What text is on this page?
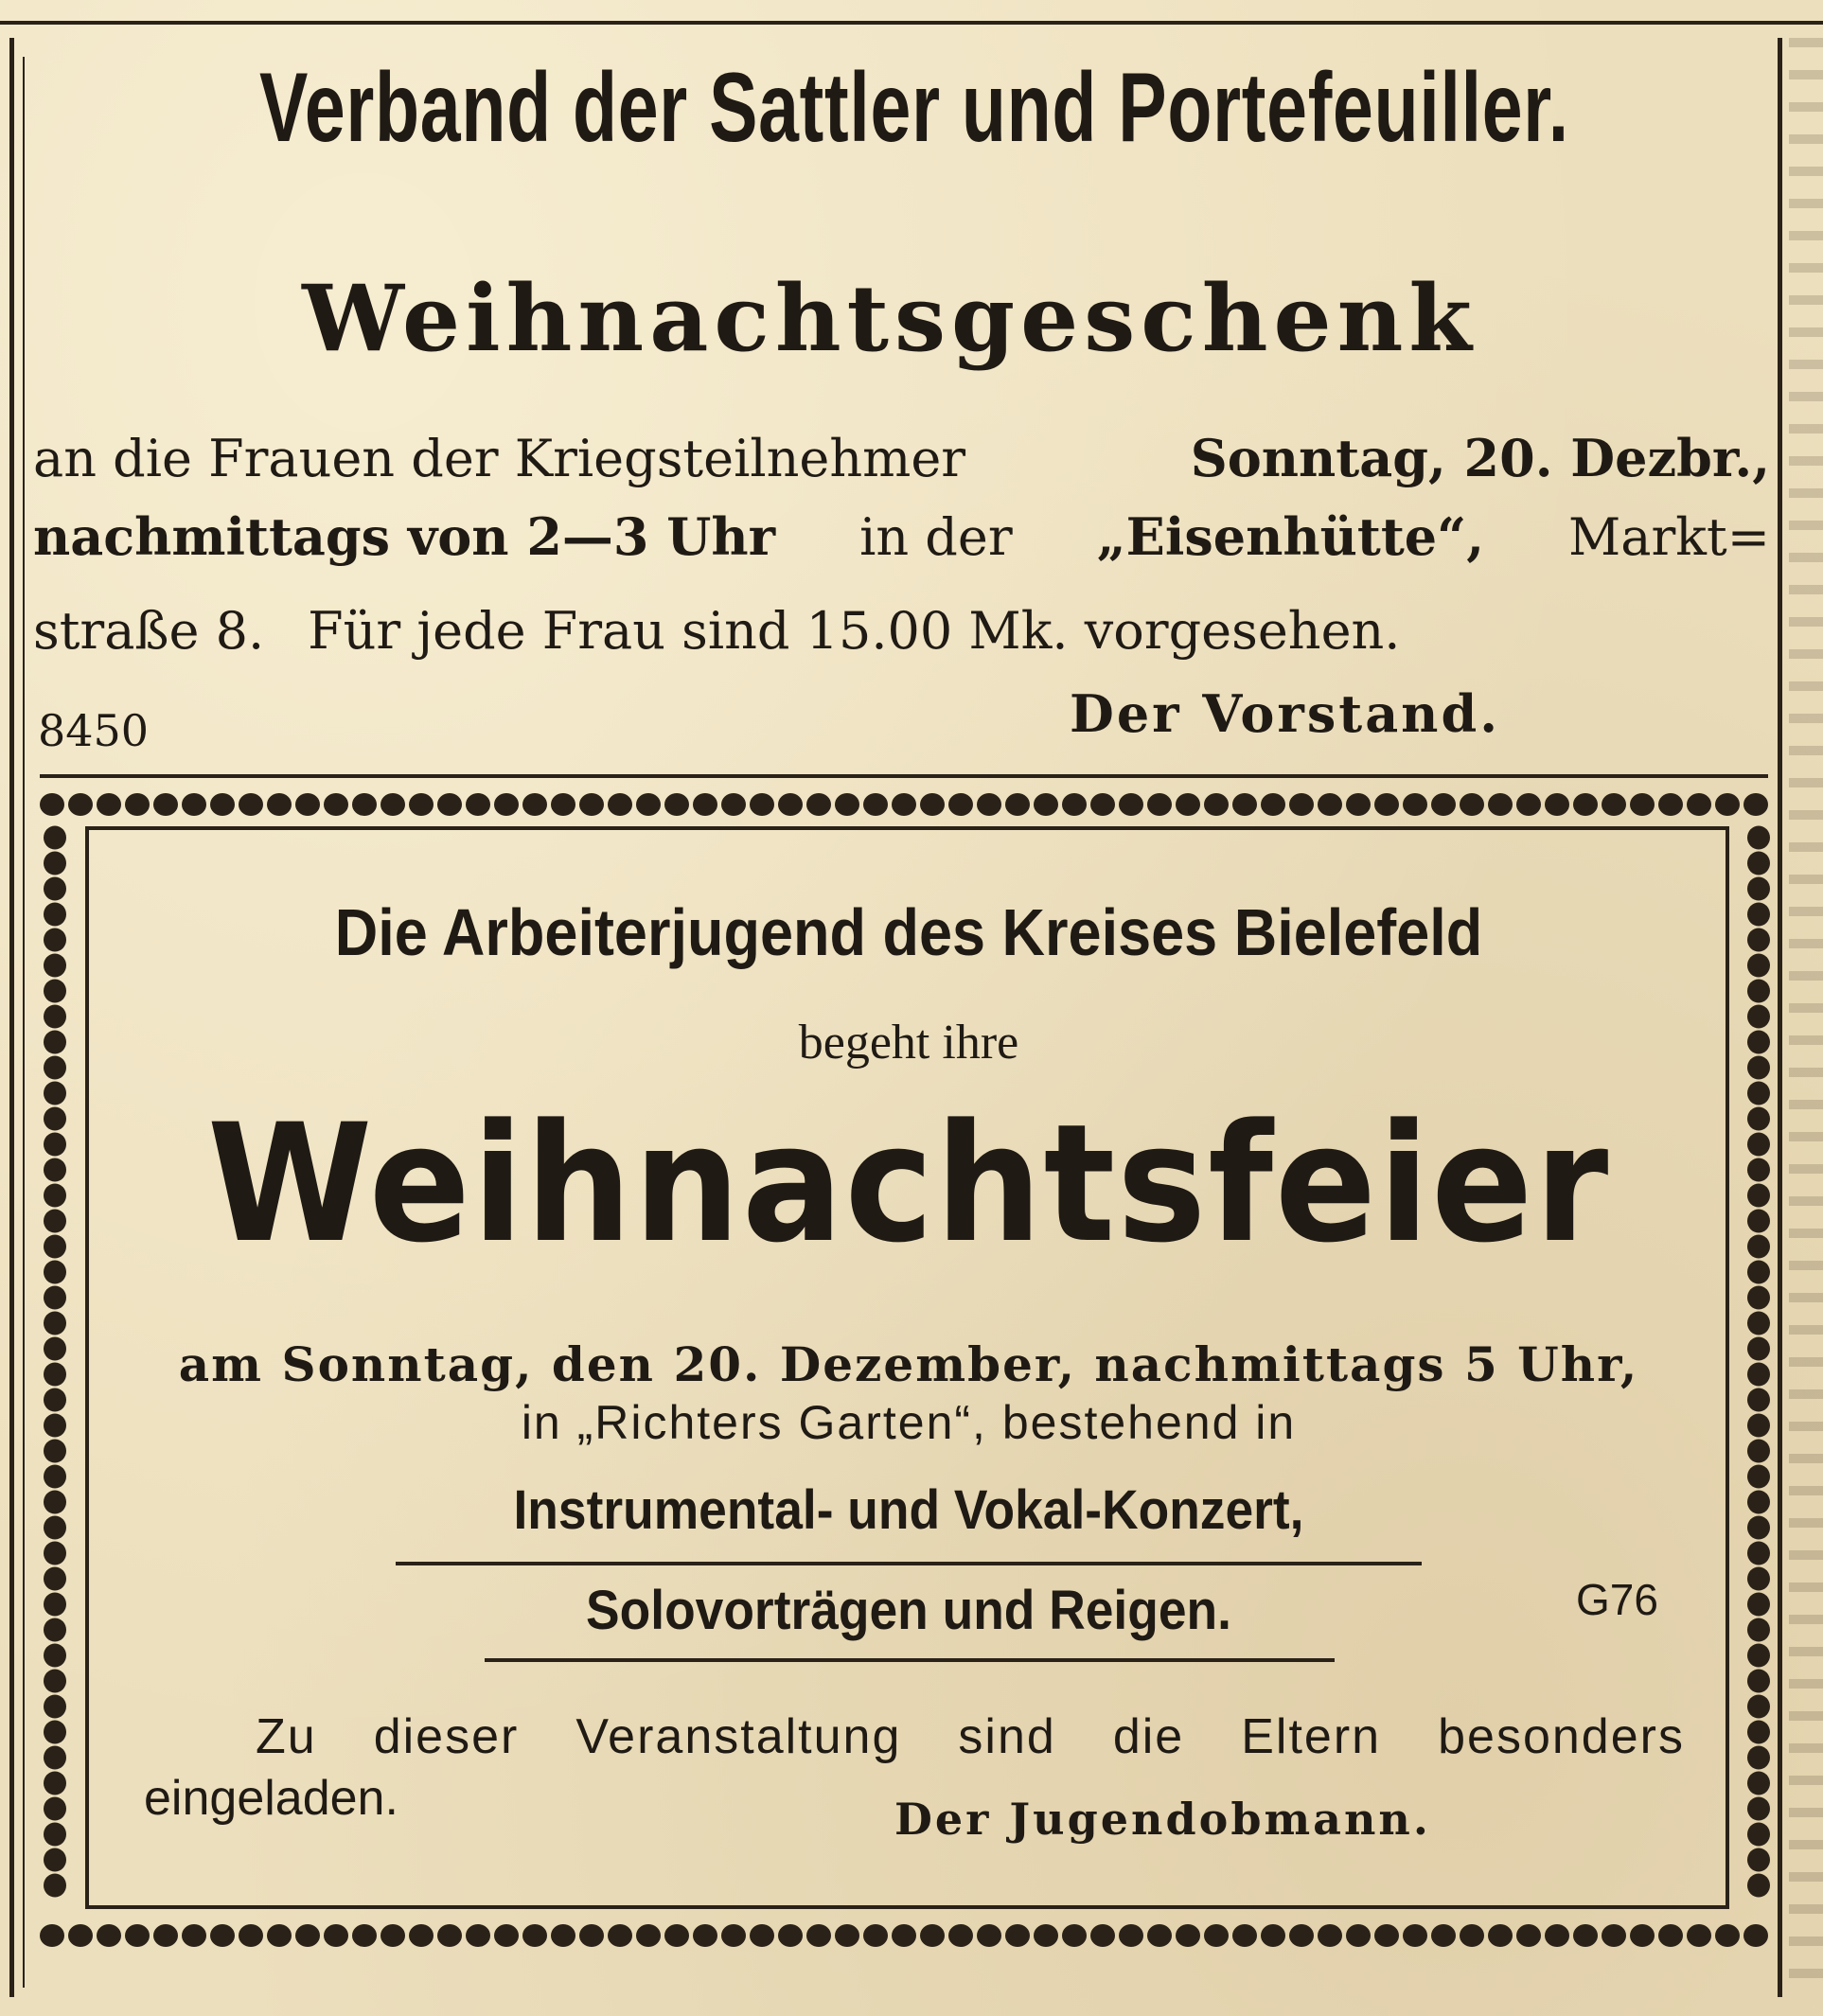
Verband der Sattler und Portefeuiller.
Weihnachtsgeschenk
an die Frauen der Kriegsteilnehmer	Sonntag, 20. Dezbr.,
nachmittags von 2—3 Uhr in der „Eisenhütte“, Markt=
straße 8. Für jede Frau sind 15.00 Mk. vorgesehen.
8450	Der Vorstand.
Die Arbeiterjugend des Kreises Bielefeld
begeht ihre
Weihnachtsfeier
am Sonntag, den 20. Dezember, nachmittags 5 Uhr,
in „Richters Garten“, bestehend in
Instrumental- und Vokal-Konzert,
Solovorträgen und Reigen.	G76
Zu dieser Veranstaltung sind die Eltern besonders
eingeladen.	Der Jugendobmann.
